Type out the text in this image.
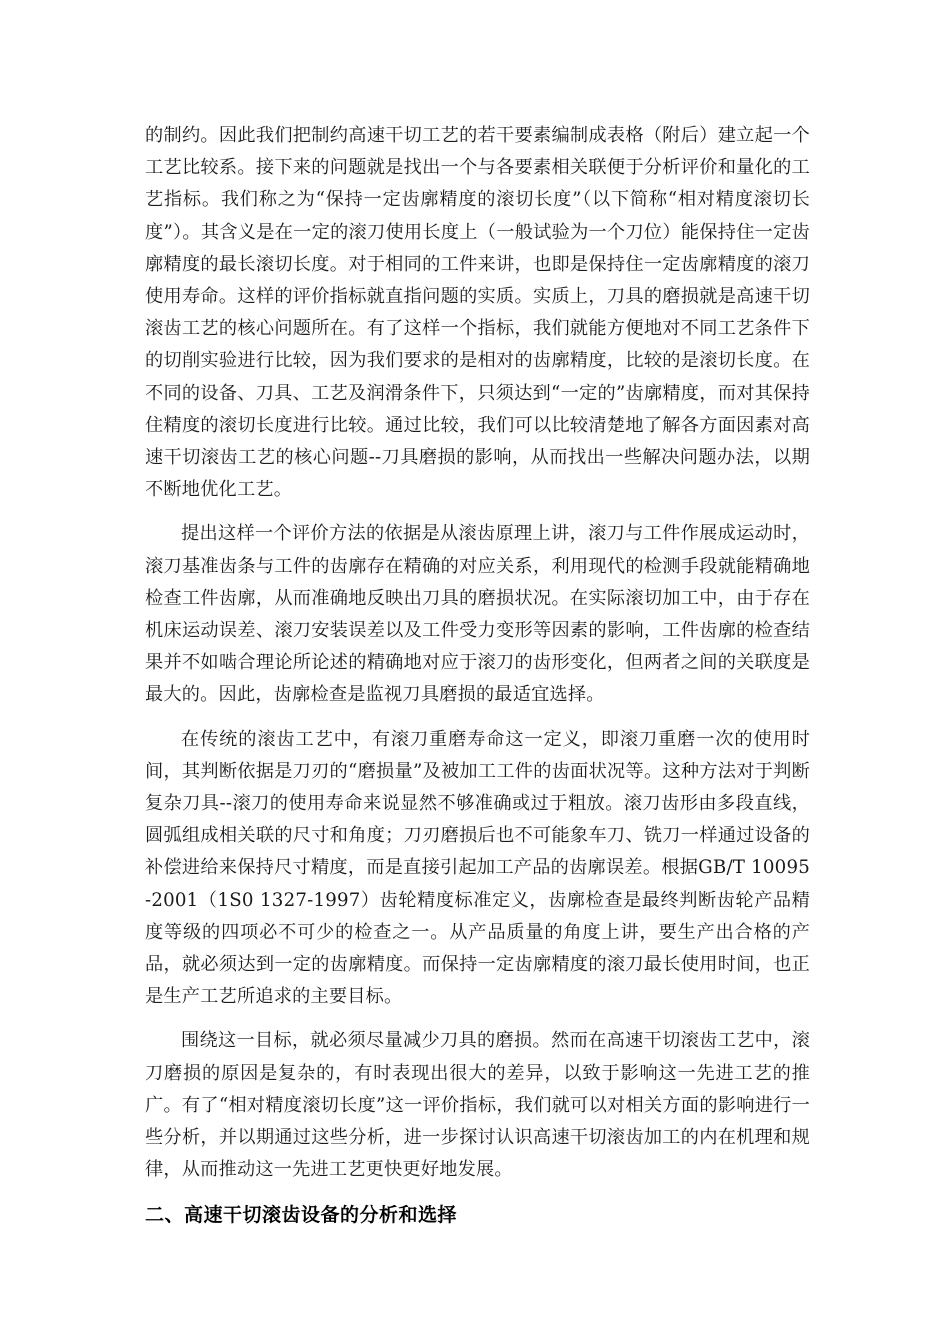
的制约。因此我们把制约高速干切工艺的若干要素编制成表格（附后）建立起一个工艺比较系。接下来的问题就是找出一个与各要素相关联便于分析评价和量化的工艺指标。我们称之为“保持一定齿廓精度的滚切长度”（以下简称“相对精度滚切长度”）。其含义是在一定的滚刀使用长度上（一般试验为一个刀位）能保持住一定齿廓精度的最长滚切长度。对于相同的工件来讲，也即是保持住一定齿廓精度的滚刀使用寿命。这样的评价指标就直指问题的实质。实质上，刀具的磨损就是高速干切滚齿工艺的核心问题所在。有了这样一个指标，我们就能方便地对不同工艺条件下的切削实验进行比较，因为我们要求的是相对的齿廓精度，比较的是滚切长度。在不同的设备、刀具、工艺及润滑条件下，只须达到“一定的”齿廓精度，而对其保持住精度的滚切长度进行比较。通过比较，我们可以比较清楚地了解各方面因素对高速干切滚齿工艺的核心问题--刀具磨损的影响，从而找出一些解决问题办法，以期不断地优化工艺。

提出这样一个评价方法的依据是从滚齿原理上讲，滚刀与工件作展成运动时，滚刀基准齿条与工件的齿廓存在精确的对应关系，利用现代的检测手段就能精确地检查工件齿廓，从而准确地反映出刀具的磨损状况。在实际滚切加工中，由于存在机床运动误差、滚刀安装误差以及工件受力变形等因素的影响，工件齿廓的检查结果并不如啮合理论所论述的精确地对应于滚刀的齿形变化，但两者之间的关联度是最大的。因此，齿廓检查是监视刀具磨损的最适宜选择。

在传统的滚齿工艺中，有滚刀重磨寿命这一定义，即滚刀重磨一次的使用时间，其判断依据是刀刃的“磨损量”及被加工工件的齿面状况等。这种方法对于判断复杂刀具--滚刀的使用寿命来说显然不够准确或过于粗放。滚刀齿形由多段直线，圆弧组成相关联的尺寸和角度；刀刃磨损后也不可能象车刀、铣刀一样通过设备的补偿进给来保持尺寸精度，而是直接引起加工产品的齿廓误差。根据GB/T 10095-2001（1S0 1327-1997）齿轮精度标准定义，齿廓检查是最终判断齿轮产品精度等级的四项必不可少的检查之一。从产品质量的角度上讲，要生产出合格的产品，就必须达到一定的齿廓精度。而保持一定齿廓精度的滚刀最长使用时间，也正是生产工艺所追求的主要目标。

围绕这一目标，就必须尽量减少刀具的磨损。然而在高速干切滚齿工艺中，滚刀磨损的原因是复杂的，有时表现出很大的差异，以致于影响这一先进工艺的推广。有了“相对精度滚切长度”这一评价指标，我们就可以对相关方面的影响进行一些分析，并以期通过这些分析，进一步探讨认识高速干切滚齿加工的内在机理和规律，从而推动这一先进工艺更快更好地发展。

二、高速干切滚齿设备的分析和选择
